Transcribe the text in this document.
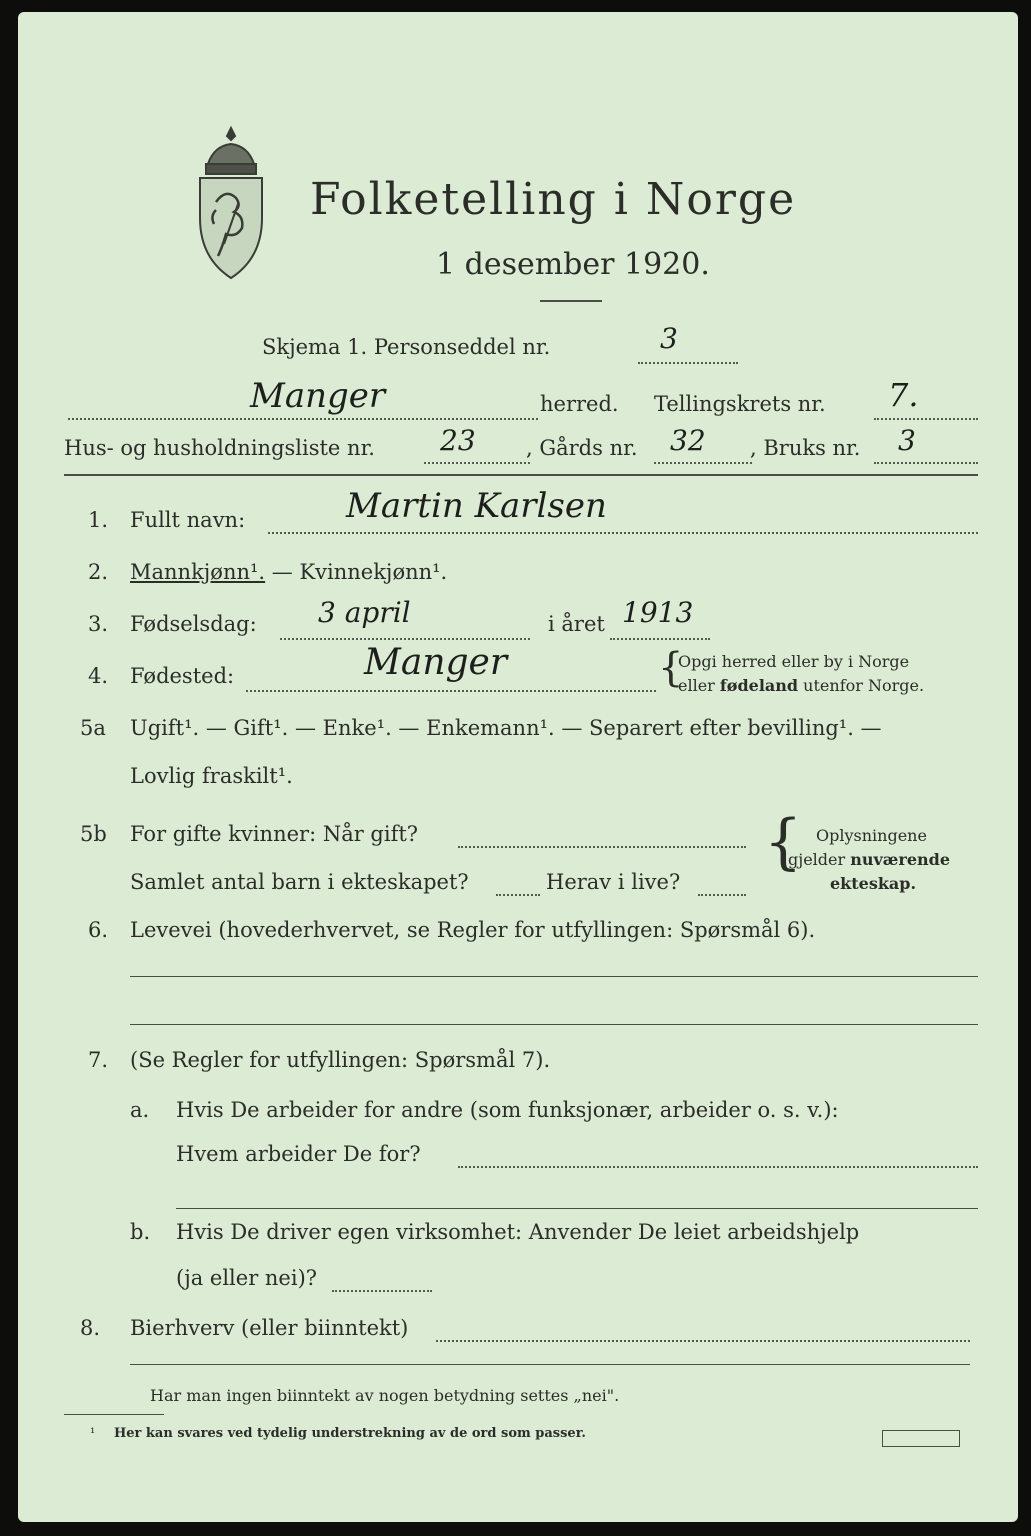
Folketelling i Norge
1 desember 1920.
Skjema 1. Personseddel nr.	3
Manger	herred. Tellingskrets nr. 7.
Hus- og husholdningsliste nr. 23 , Gårds nr. 32 , Bruks nr. 3
1. Fullt navn:	Martin Karlsen
2. Mannkjønn¹. — Kvinnekjønn¹.
3. Fødselsdag: 3 april	i året 1913
4. Fødested:	Manger	{
Opgi herred eller by i Norge
eller fødeland utenfor Norge.
5a Ugift¹. — Gift¹. — Enke¹. — Enkemann¹. — Separert efter bevilling¹. —
Lovlig fraskilt¹.
5b For gifte kvinner: Når gift?
Samlet antal barn i ekteskapet?	Herav i live?
{ Oplysningene
gjelder nuværende
ekteskap.
6. Levevei (hovederhvervet, se Regler for utfyllingen: Spørsmål 6).
7. (Se Regler for utfyllingen: Spørsmål 7).
a. Hvis De arbeider for andre (som funksjonær, arbeider o. s. v.):
Hvem arbeider De for?
b. Hvis De driver egen virksomhet: Anvender De leiet arbeidshjelp
(ja eller nei)?
8. Bierhverv (eller biinntekt)
Har man ingen biinntekt av nogen betydning settes „nei".
¹ Her kan svares ved tydelig understrekning av de ord som passer.
